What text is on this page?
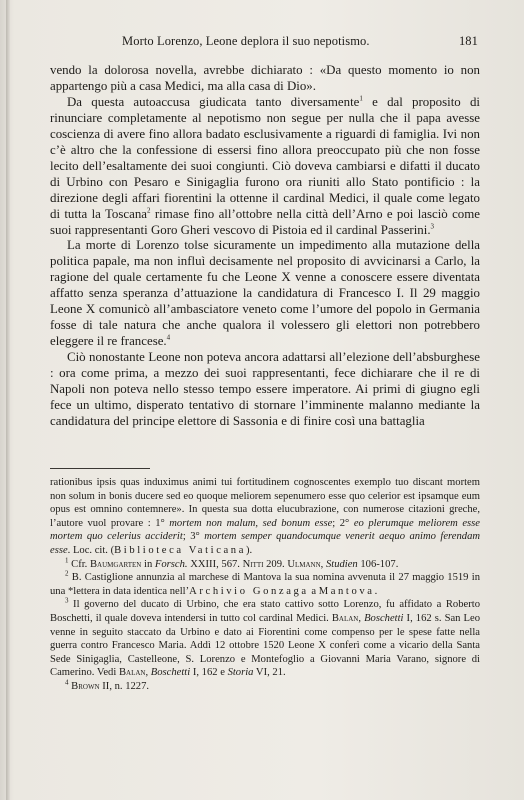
Morto Lorenzo, Leone deplora il suo nepotismo.	181

vendo la dolorosa novella, avrebbe dichiarato : «Da questo momento io non appartengo più a casa Medici, ma alla casa di Dio».

Da questa autoaccusa giudicata tanto diversamente$^1$ e dal proposito di rinunciare completamente al nepotismo non segue per nulla che il papa avesse coscienza di avere fino allora badato esclusivamente a riguardi di famiglia. Ivi non c’è altro che la confessione di essersi fino allora preoccupato più che non fosse lecito dell’esaltamente dei suoi congiunti. Ciò doveva cambiarsi e difatti il ducato di Urbino con Pesaro e Sinigaglia furono ora riuniti allo Stato pontificio : la direzione degli affari fiorentini la ottenne il cardinal Medici, il quale come legato di tutta la Toscana$^2$ rimase fino all’ottobre nella città dell’Arno e poi lasciò come suoi rappresentanti Goro Gheri vescovo di Pistoia ed il cardinal Passerini.$^3$

La morte di Lorenzo tolse sicuramente un impedimento alla mutazione della politica papale, ma non influì decisamente nel proposito di avvicinarsi a Carlo, la ragione del quale certamente fu che Leone X venne a conoscere essere diventata affatto senza speranza d’attuazione la candidatura di Francesco I. Il 29 maggio Leone X comunicò all’ambasciatore veneto come l’umore del popolo in Germania fosse di tale natura che anche qualora il volessero gli elettori non potrebbero eleggere il re francese.$^4$

Ciò nonostante Leone non poteva ancora adattarsi all’elezione dell’absburghese : ora come prima, a mezzo dei suoi rappresentanti, fece dichiarare che il re di Napoli non poteva nello stesso tempo essere imperatore. Ai primi di giugno egli fece un ultimo, disperato tentativo di stornare l’imminente malanno mediante la candidatura del principe elettore di Sassonia e di finire così una battaglia

rationibus ipsis quas induximus animi tui fortitudinem cognoscentes exemplo tuo discant mortem non solum in bonis ducere sed eo quoque meliorem sepenumero esse quo celerior est ipsamque eum opus est omnino contemnere». In questa sua dotta elucubrazione, con numerose citazioni greche, l’autore vuol provare : 1° mortem non malum, sed bonum esse; 2° eo plerumque meliorem esse mortem quo celerius acciderit; 3° mortem semper quandocumque venerit aequo animo ferendam esse. Loc. cit. (Biblioteca Vaticana).

$^1$ Cfr. Baumgarten in Forsch. XXIII, 567. Nitti 209. Ulmann, Studien 106-107.

$^2$ B. Castiglione annunzia al marchese di Mantova la sua nomina avvenuta il 27 maggio 1519 in una *lettera in data identica nell’Archivio Gonzaga a Mantova.

$^3$ Il governo del ducato di Urbino, che era stato cattivo sotto Lorenzo, fu affidato a Roberto Boschetti, il quale doveva intendersi in tutto col cardinal Medici. Balan, Boschetti I, 162 s. San Leo venne in seguito staccato da Urbino e dato ai Fiorentini come compenso per le spese fatte nella guerra contro Francesco Maria. Addì 12 ottobre 1520 Leone X conferì come a vicario della Santa Sede Sinigaglia, Castelleone, S. Lorenzo e Montefoglio a Giovanni Maria Varano, signore di Camerino. Vedi Balan, Boschetti I, 162 e Storia VI, 21.

$^4$ Brown II, n. 1227.
